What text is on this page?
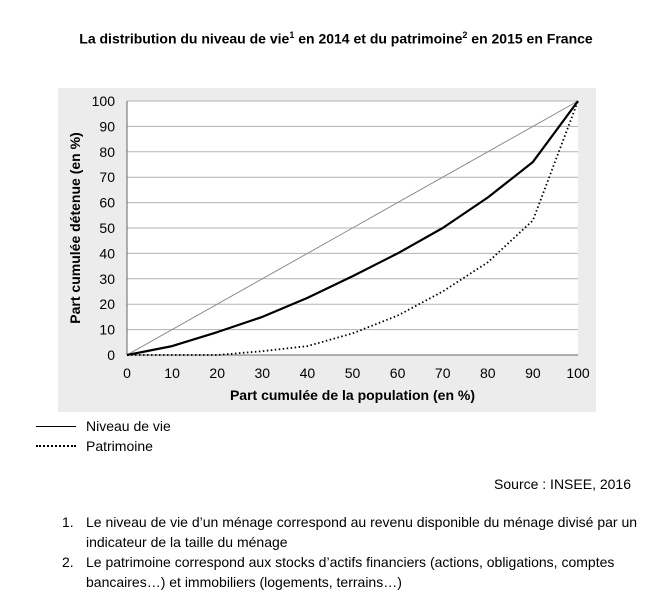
La distribution du niveau de vie$^1$ en 2014 et du patrimoine$^2$ en 2015 en France
0
10
20
30
40
50
60
70
80
90
100
0 10 20 30 40 50 60 70 80 90 100
Part cumulée de la population (en %)
Part cumulée détenue (en %)
Niveau de vie
Patrimoine
Source : INSEE, 2016
1. Le niveau de vie d’un ménage correspond au revenu disponible du ménage divisé par un indicateur de la taille du ménage
2. Le patrimoine correspond aux stocks d’actifs financiers (actions, obligations, comptes bancaires…) et immobiliers (logements, terrains…)
